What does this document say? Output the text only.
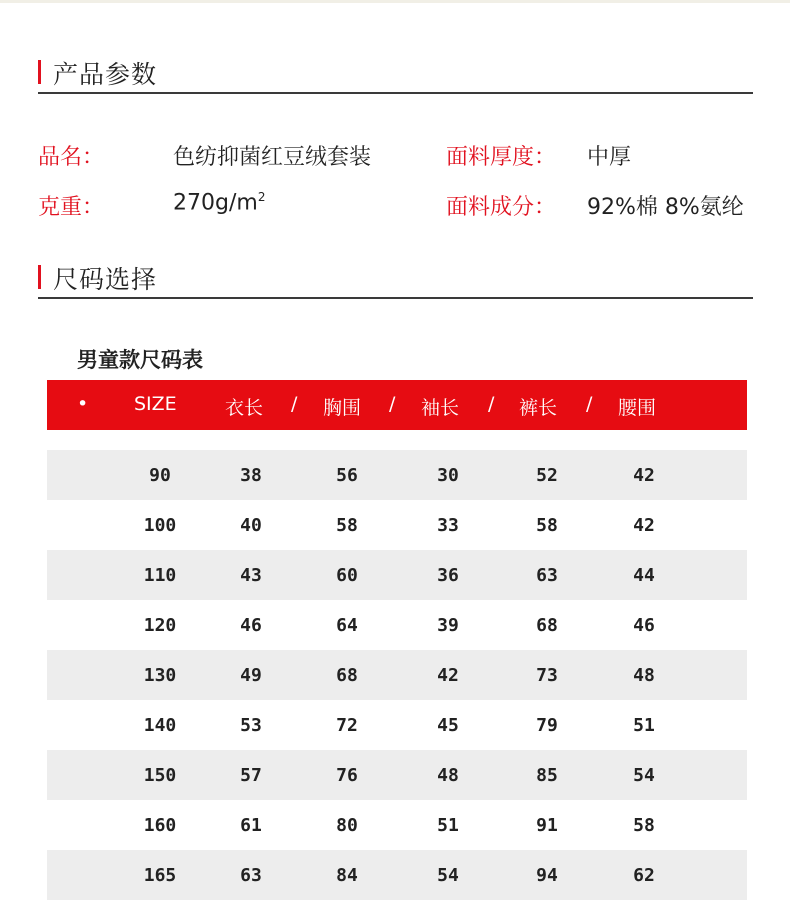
产品参数
品名：	色纺抑菌红豆绒套装	面料厚度： 中厚
克重：	$270g/m^2$	面料成分： 92%棉 8%氨纶
尺码选择
男童款尺码表
• SIZE	衣长 / 胸围 / 袖长 / 裤长 / 腰围
90	38	56	30	52	42
100	40	58	33	58	42
110	43	60	36	63	44
120	46	64	39	68	46
130	49	68	42	73	48
140	53	72	45	79	51
150	57	76	48	85	54
160	61	80	51	91	58
165	63	84	54	94	62
